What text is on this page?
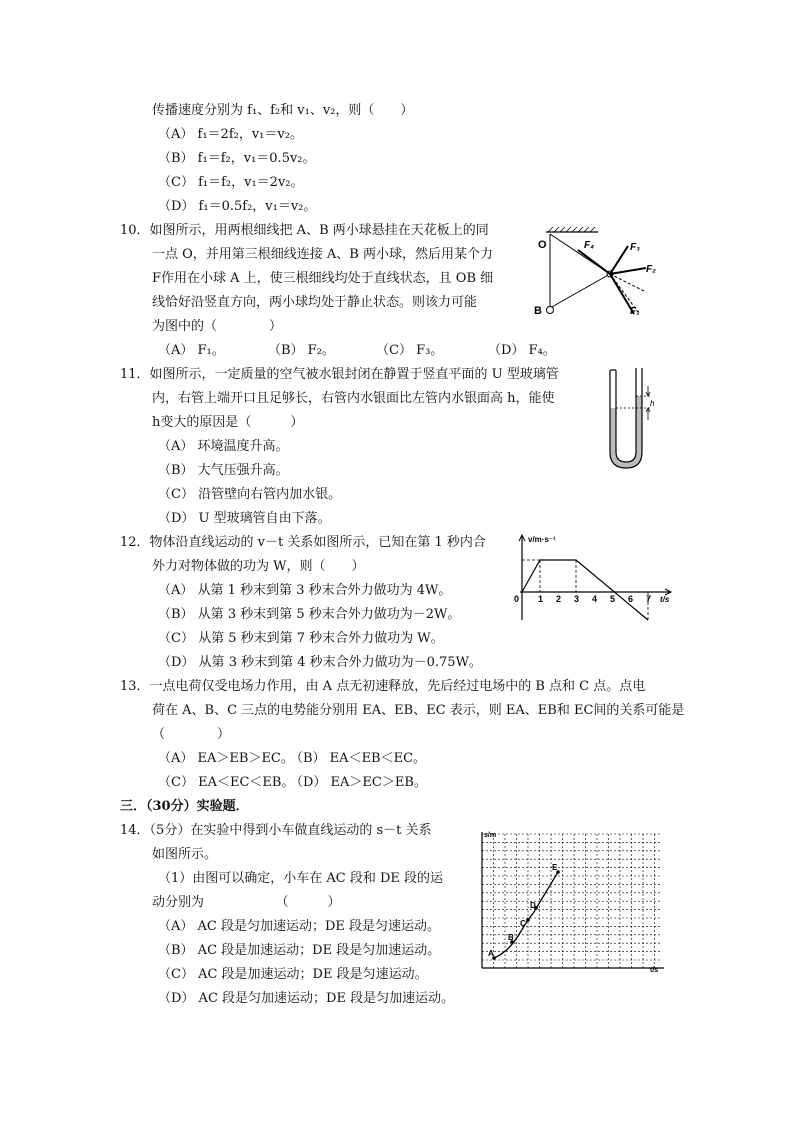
传播速度分别为 f₁、f₂和 v₁、v₂，则（　　）
（A） f₁＝2f₂，v₁＝v₂。
（B） f₁＝f₂，v₁＝0.5v₂。
（C） f₁＝f₂，v₁＝2v₂。
（D） f₁＝0.5f₂，v₁＝v₂。
10．如图所示，用两根细线把 A、B 两小球悬挂在天花板上的同
一点 O，并用第三根细线连接 A、B 两小球，然后用某个力
F作用在小球 A 上，使三根细线均处于直线状态，且 OB 细
线恰好沿竖直方向，两小球均处于静止状态。则该力可能
为图中的（　　　　）
（A） F₁。	（B） F₂。	（C） F₃。	（D） F₄。
O
B	F₁
F₂
F₃
F₄
11．如图所示，一定质量的空气被水银封闭在静置于竖直平面的 U 型玻璃管
内，右管上端开口且足够长，右管内水银面比左管内水银面高 h，能使
h变大的原因是（　　　）
（A） 环境温度升高。
（B） 大气压强升高。
（C） 沿管壁向右管内加水银。
（D） U 型玻璃管自由下落。
h
12．物体沿直线运动的 v－t 关系如图所示，已知在第 1 秒内合
外力对物体做的功为 W，则（　　）
（A） 从第 1 秒末到第 3 秒末合外力做功为 4W。
（B） 从第 3 秒末到第 5 秒末合外力做功为－2W。
（C） 从第 5 秒末到第 7 秒末合外力做功为 W。
（D） 从第 3 秒末到第 4 秒末合外力做功为－0.75W。
v/m·s⁻¹
t/s
0 1 2 3 4 5 6 7
13．一点电荷仅受电场力作用，由 A 点无初速释放，先后经过电场中的 B 点和 C 点。点电
荷在 A、B、C 三点的电势能分别用 EA、EB、EC 表示，则 EA、EB和 EC间的关系可能是
（　　　　）
（A） EA＞EB＞EC。
（B） EA＜EB＜EC。
（C） EA＜EC＜EB。
（D） EA＞EC＞EB。
三．（30分）实验题．
14．（5分）在实验中得到小车做直线运动的 s－t 关系
如图所示。
（1）由图可以确定，小车在 AC 段和 DE 段的运
动分别为　　　　　　（　　　）
（A） AC 段是匀加速运动；DE 段是匀速运动。
（B） AC 段是加速运动；DE 段是匀加速运动。
（C） AC 段是加速运动；DE 段是匀速运动。
（D） AC 段是匀加速运动；DE 段是匀加速运动。
s/m
t/s
A
B
C
D
E
